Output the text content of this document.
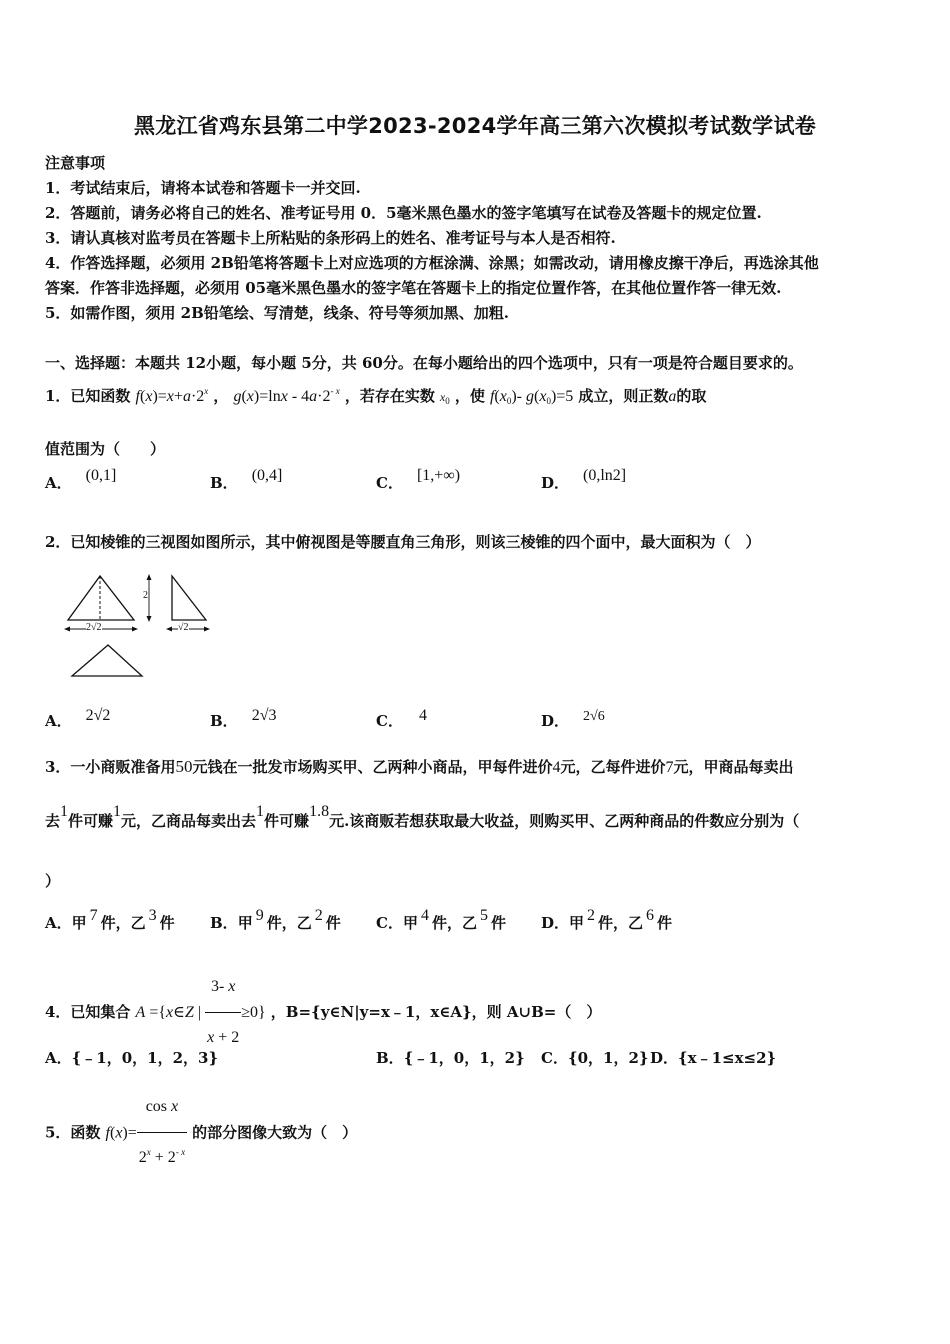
黑龙江省鸡东县第二中学2023-2024学年高三第六次模拟考试数学试卷
注意事项
1．考试结束后，请将本试卷和答题卡一并交回.
2．答题前，请务必将自己的姓名、准考证号用 0．5毫米黑色墨水的签字笔填写在试卷及答题卡的规定位置.
3．请认真核对监考员在答题卡上所粘贴的条形码上的姓名、准考证号与本人是否相符.
4．作答选择题，必须用 2B铅笔将答题卡上对应选项的方框涂满、涂黑；如需改动，请用橡皮擦干净后，再选涂其他
答案．作答非选择题，必须用 05毫米黑色墨水的签字笔在答题卡上的指定位置作答，在其他位置作答一律无效.
5．如需作图，须用 2B铅笔绘、写清楚，线条、符号等须加黑、加粗.
一、选择题：本题共 12小题，每小题 5分，共 60分。在每小题给出的四个选项中，只有一项是符合题目要求的。
1．已知函数 $f(x)=x+a\cdot 2^x$ ， $g(x)=\ln x - 4a\cdot 2^{- x}$ ，若存在实数 $x_0$ ，使 $f(x_0)-$ $g(x_0)=5$ 成立，则正数a的取
值范围为（　　）
A． (0,1]	B． (0,4]	C． [1,+∞)	D． (0,ln2]
2．已知棱锥的三视图如图所示，其中俯视图是等腰直角三角形，则该三棱锥的四个面中，最大面积为（　）
2
2√2	√2
A． 2√2	B． 2√3	C． 4	D． 2√6
3．一小商贩准备用50元钱在一批发市场购买甲、乙两种小商品，甲每件进价4元，乙每件进价7元，甲商品每卖出
去1件可赚1元，乙商品每卖出去1件可赚1.8元.该商贩若想获取最大收益，则购买甲、乙两种商品的件数应分别为（
）
A．甲 7 件，乙 3 件 B．甲 9 件，乙 2 件 C．甲 4 件，乙 5 件 D．甲 2 件，乙 6 件
4．已知集合 A ={x∈Z | $\frac{3- x}{x + 2} \ge 0$} ，B={y∈N|y=x﹣1，x∈A}，则 A∪B=（　）
A．{﹣1，0，1，2，3}	B．{﹣1，0，1，2} C．{0，1，2} D．{x﹣1≤x≤2}
5．函数 $f(x)= \frac{\text{cos x}}{2^x + 2^{- x}}$ 的部分图像大致为（　）
